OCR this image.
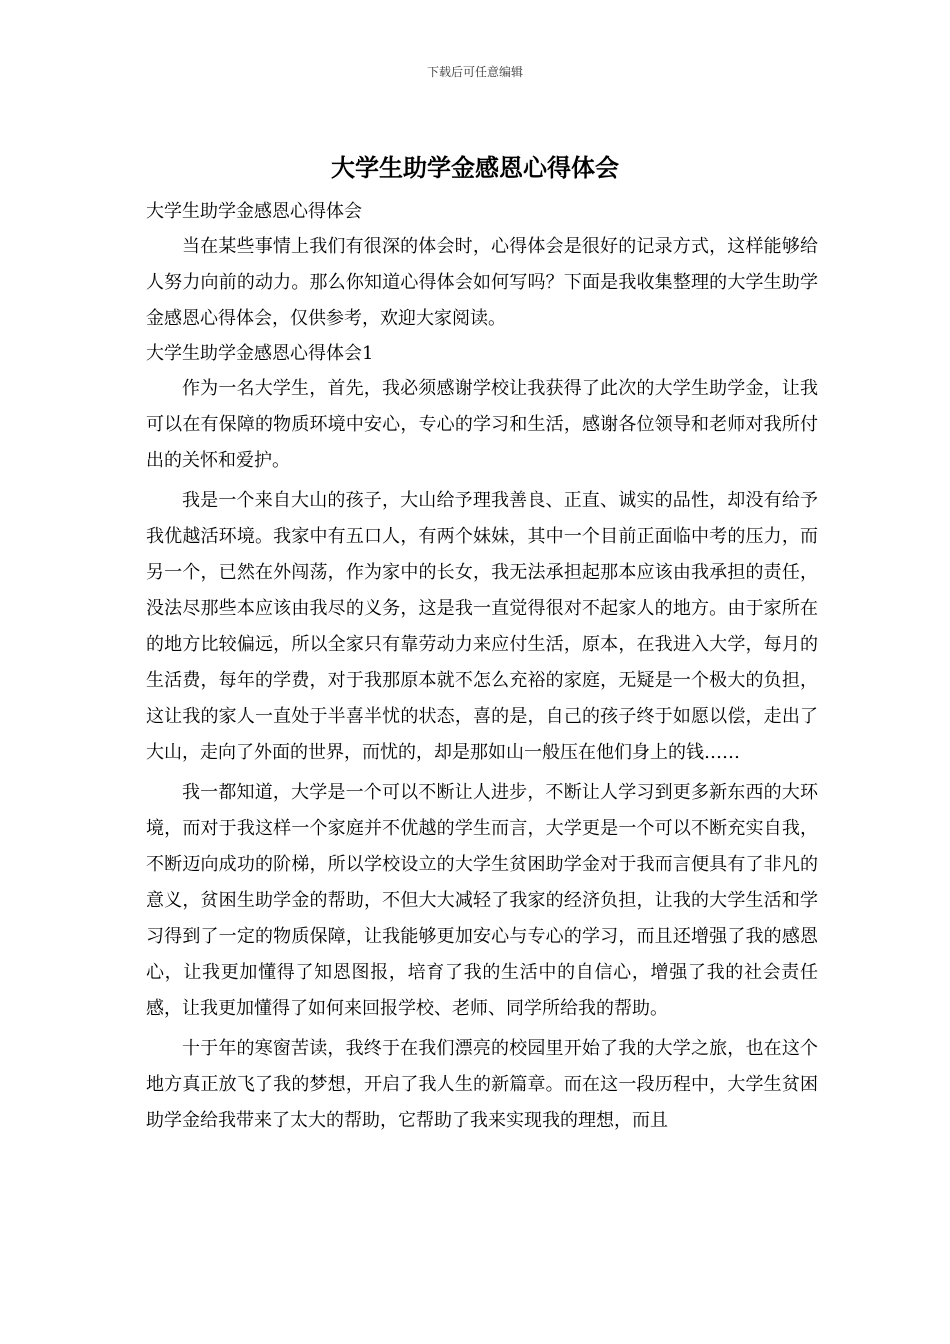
下载后可任意编辑
大学生助学金感恩心得体会

大学生助学金感恩心得体会

当在某些事情上我们有很深的体会时，心得体会是很好的记录方式，这样能够给人努力向前的动力。那么你知道心得体会如何写吗？下面是我收集整理的大学生助学金感恩心得体会，仅供参考，欢迎大家阅读。

大学生助学金感恩心得体会1

作为一名大学生，首先，我必须感谢学校让我获得了此次的大学生助学金，让我可以在有保障的物质环境中安心，专心的学习和生活，感谢各位领导和老师对我所付出的关怀和爱护。

我是一个来自大山的孩子，大山给予理我善良、正直、诚实的品性，却没有给予我优越活环境。我家中有五口人，有两个妹妹，其中一个目前正面临中考的压力，而另一个，已然在外闯荡，作为家中的长女，我无法承担起那本应该由我承担的责任，没法尽那些本应该由我尽的义务，这是我一直觉得很对不起家人的地方。由于家所在的地方比较偏远，所以全家只有靠劳动力来应付生活，原本，在我进入大学，每月的生活费，每年的学费，对于我那原本就不怎么充裕的家庭，无疑是一个极大的负担，这让我的家人一直处于半喜半忧的状态，喜的是，自己的孩子终于如愿以偿，走出了大山，走向了外面的世界，而忧的，却是那如山一般压在他们身上的钱……

我一都知道，大学是一个可以不断让人进步，不断让人学习到更多新东西的大环境，而对于我这样一个家庭并不优越的学生而言，大学更是一个可以不断充实自我，不断迈向成功的阶梯，所以学校设立的大学生贫困助学金对于我而言便具有了非凡的意义，贫困生助学金的帮助，不但大大减轻了我家的经济负担，让我的大学生活和学习得到了一定的物质保障，让我能够更加安心与专心的学习，而且还增强了我的感恩心，让我更加懂得了知恩图报，培育了我的生活中的自信心，增强了我的社会责任感，让我更加懂得了如何来回报学校、老师、同学所给我的帮助。

十于年的寒窗苦读，我终于在我们漂亮的校园里开始了我的大学之旅，也在这个地方真正放飞了我的梦想，开启了我人生的新篇章。而在这一段历程中，大学生贫困助学金给我带来了太大的帮助，它帮助了我来实现我的理想，而且
